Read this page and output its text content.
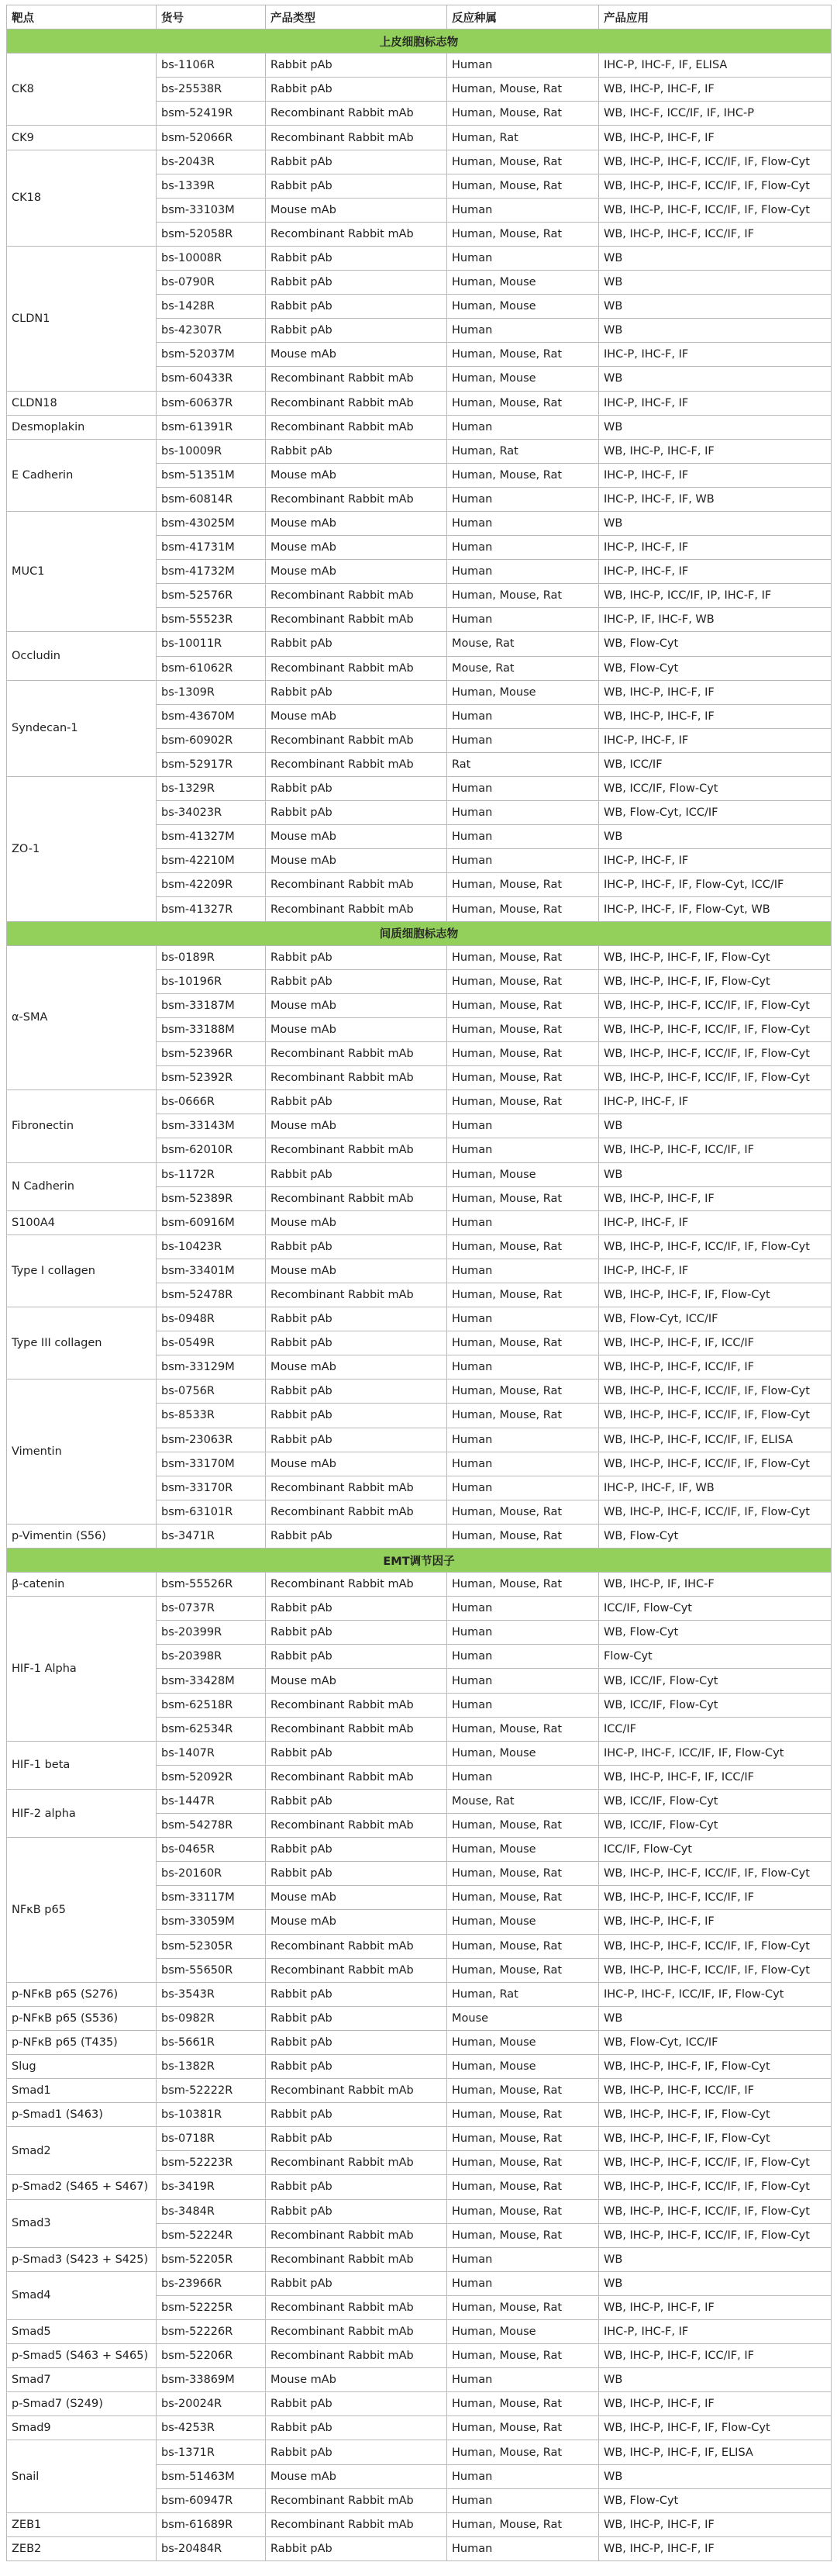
靶点	货号	产品类型	反应种属	产品应用
上皮细胞标志物				
CK8	bs-1106R	Rabbit pAb	Human	IHC-P, IHC-F, IF, ELISA
	bs-25538R	Rabbit pAb	Human, Mouse, Rat	WB, IHC-P, IHC-F, IF
	bsm-52419R	Recombinant Rabbit mAb	Human, Mouse, Rat	WB, IHC-F, ICC/IF, IF, IHC-P
CK9	bsm-52066R	Recombinant Rabbit mAb	Human, Rat	WB, IHC-P, IHC-F, IF
CK18	bs-2043R	Rabbit pAb	Human, Mouse, Rat	WB, IHC-P, IHC-F, ICC/IF, IF, Flow-Cyt
	bs-1339R	Rabbit pAb	Human, Mouse, Rat	WB, IHC-P, IHC-F, ICC/IF, IF, Flow-Cyt
	bsm-33103M	Mouse mAb	Human	WB, IHC-P, IHC-F, ICC/IF, IF, Flow-Cyt
	bsm-52058R	Recombinant Rabbit mAb	Human, Mouse, Rat	WB, IHC-P, IHC-F, ICC/IF, IF
CLDN1	bs-10008R	Rabbit pAb	Human	WB
	bs-0790R	Rabbit pAb	Human, Mouse	WB
	bs-1428R	Rabbit pAb	Human, Mouse	WB
	bs-42307R	Rabbit pAb	Human	WB
	bsm-52037M	Mouse mAb	Human, Mouse, Rat	IHC-P, IHC-F, IF
	bsm-60433R	Recombinant Rabbit mAb	Human, Mouse	WB
CLDN18	bsm-60637R	Recombinant Rabbit mAb	Human, Mouse, Rat	IHC-P, IHC-F, IF
Desmoplakin	bsm-61391R	Recombinant Rabbit mAb	Human	WB
E Cadherin	bs-10009R	Rabbit pAb	Human, Rat	WB, IHC-P, IHC-F, IF
	bsm-51351M	Mouse mAb	Human, Mouse, Rat	IHC-P, IHC-F, IF
	bsm-60814R	Recombinant Rabbit mAb	Human	IHC-P, IHC-F, IF, WB
MUC1	bsm-43025M	Mouse mAb	Human	WB
	bsm-41731M	Mouse mAb	Human	IHC-P, IHC-F, IF
	bsm-41732M	Mouse mAb	Human	IHC-P, IHC-F, IF
	bsm-52576R	Recombinant Rabbit mAb	Human, Mouse, Rat	WB, IHC-P, ICC/IF, IP, IHC-F, IF
	bsm-55523R	Recombinant Rabbit mAb	Human	IHC-P, IF, IHC-F, WB
Occludin	bs-10011R	Rabbit pAb	Mouse, Rat	WB, Flow-Cyt
	bsm-61062R	Recombinant Rabbit mAb	Mouse, Rat	WB, Flow-Cyt
Syndecan-1	bs-1309R	Rabbit pAb	Human, Mouse	WB, IHC-P, IHC-F, IF
	bsm-43670M	Mouse mAb	Human	WB, IHC-P, IHC-F, IF
	bsm-60902R	Recombinant Rabbit mAb	Human	IHC-P, IHC-F, IF
	bsm-52917R	Recombinant Rabbit mAb	Rat	WB, ICC/IF
ZO-1	bs-1329R	Rabbit pAb	Human	WB, ICC/IF, Flow-Cyt
	bs-34023R	Rabbit pAb	Human	WB, Flow-Cyt, ICC/IF
	bsm-41327M	Mouse mAb	Human	WB
	bsm-42210M	Mouse mAb	Human	IHC-P, IHC-F, IF
	bsm-42209R	Recombinant Rabbit mAb	Human, Mouse, Rat	IHC-P, IHC-F, IF, Flow-Cyt, ICC/IF
	bsm-41327R	Recombinant Rabbit mAb	Human, Mouse, Rat	IHC-P, IHC-F, IF, Flow-Cyt, WB
间质细胞标志物				
α-SMA	bs-0189R	Rabbit pAb	Human, Mouse, Rat	WB, IHC-P, IHC-F, IF, Flow-Cyt
	bs-10196R	Rabbit pAb	Human, Mouse, Rat	WB, IHC-P, IHC-F, IF, Flow-Cyt
	bsm-33187M	Mouse mAb	Human, Mouse, Rat	WB, IHC-P, IHC-F, ICC/IF, IF, Flow-Cyt
	bsm-33188M	Mouse mAb	Human, Mouse, Rat	WB, IHC-P, IHC-F, ICC/IF, IF, Flow-Cyt
	bsm-52396R	Recombinant Rabbit mAb	Human, Mouse, Rat	WB, IHC-P, IHC-F, ICC/IF, IF, Flow-Cyt
	bsm-52392R	Recombinant Rabbit mAb	Human, Mouse, Rat	WB, IHC-P, IHC-F, ICC/IF, IF, Flow-Cyt
Fibronectin	bs-0666R	Rabbit pAb	Human, Mouse, Rat	IHC-P, IHC-F, IF
	bsm-33143M	Mouse mAb	Human	WB
	bsm-62010R	Recombinant Rabbit mAb	Human	WB, IHC-P, IHC-F, ICC/IF, IF
N Cadherin	bs-1172R	Rabbit pAb	Human, Mouse	WB
	bsm-52389R	Recombinant Rabbit mAb	Human, Mouse, Rat	WB, IHC-P, IHC-F, IF
S100A4	bsm-60916M	Mouse mAb	Human	IHC-P, IHC-F, IF
Type I collagen	bs-10423R	Rabbit pAb	Human, Mouse, Rat	WB, IHC-P, IHC-F, ICC/IF, IF, Flow-Cyt
	bsm-33401M	Mouse mAb	Human	IHC-P, IHC-F, IF
	bsm-52478R	Recombinant Rabbit mAb	Human, Mouse, Rat	WB, IHC-P, IHC-F, IF, Flow-Cyt
Type III collagen	bs-0948R	Rabbit pAb	Human	WB, Flow-Cyt, ICC/IF
	bs-0549R	Rabbit pAb	Human, Mouse, Rat	WB, IHC-P, IHC-F, IF, ICC/IF
	bsm-33129M	Mouse mAb	Human	WB, IHC-P, IHC-F, ICC/IF, IF
Vimentin	bs-0756R	Rabbit pAb	Human, Mouse, Rat	WB, IHC-P, IHC-F, ICC/IF, IF, Flow-Cyt
	bs-8533R	Rabbit pAb	Human, Mouse, Rat	WB, IHC-P, IHC-F, ICC/IF, IF, Flow-Cyt
	bsm-23063R	Rabbit pAb	Human	WB, IHC-P, IHC-F, ICC/IF, IF, ELISA
	bsm-33170M	Mouse mAb	Human	WB, IHC-P, IHC-F, ICC/IF, IF, Flow-Cyt
	bsm-33170R	Recombinant Rabbit mAb	Human	IHC-P, IHC-F, IF, WB
	bsm-63101R	Recombinant Rabbit mAb	Human, Mouse, Rat	WB, IHC-P, IHC-F, ICC/IF, IF, Flow-Cyt
p-Vimentin (S56)	bs-3471R	Rabbit pAb	Human, Mouse, Rat	WB, Flow-Cyt
EMT调节因子				
β-catenin	bsm-55526R	Recombinant Rabbit mAb	Human, Mouse, Rat	WB, IHC-P, IF, IHC-F
HIF-1 Alpha	bs-0737R	Rabbit pAb	Human	ICC/IF, Flow-Cyt
	bs-20399R	Rabbit pAb	Human	WB, Flow-Cyt
	bs-20398R	Rabbit pAb	Human	Flow-Cyt
	bsm-33428M	Mouse mAb	Human	WB, ICC/IF, Flow-Cyt
	bsm-62518R	Recombinant Rabbit mAb	Human	WB, ICC/IF, Flow-Cyt
	bsm-62534R	Recombinant Rabbit mAb	Human, Mouse, Rat	ICC/IF
HIF-1 beta	bs-1407R	Rabbit pAb	Human, Mouse	IHC-P, IHC-F, ICC/IF, IF, Flow-Cyt
	bsm-52092R	Recombinant Rabbit mAb	Human	WB, IHC-P, IHC-F, IF, ICC/IF
HIF-2 alpha	bs-1447R	Rabbit pAb	Mouse, Rat	WB, ICC/IF, Flow-Cyt
	bsm-54278R	Recombinant Rabbit mAb	Human, Mouse, Rat	WB, ICC/IF, Flow-Cyt
NFκB p65	bs-0465R	Rabbit pAb	Human, Mouse	ICC/IF, Flow-Cyt
	bs-20160R	Rabbit pAb	Human, Mouse, Rat	WB, IHC-P, IHC-F, ICC/IF, IF, Flow-Cyt
	bsm-33117M	Mouse mAb	Human, Mouse, Rat	WB, IHC-P, IHC-F, ICC/IF, IF
	bsm-33059M	Mouse mAb	Human, Mouse	WB, IHC-P, IHC-F, IF
	bsm-52305R	Recombinant Rabbit mAb	Human, Mouse, Rat	WB, IHC-P, IHC-F, ICC/IF, IF, Flow-Cyt
	bsm-55650R	Recombinant Rabbit mAb	Human, Mouse, Rat	WB, IHC-P, IHC-F, ICC/IF, IF, Flow-Cyt
p-NFκB p65 (S276)	bs-3543R	Rabbit pAb	Human, Rat	IHC-P, IHC-F, ICC/IF, IF, Flow-Cyt
p-NFκB p65 (S536)	bs-0982R	Rabbit pAb	Mouse	WB
p-NFκB p65 (T435)	bs-5661R	Rabbit pAb	Human, Mouse	WB, Flow-Cyt, ICC/IF
Slug	bs-1382R	Rabbit pAb	Human, Mouse	WB, IHC-P, IHC-F, IF, Flow-Cyt
Smad1	bsm-52222R	Recombinant Rabbit mAb	Human, Mouse, Rat	WB, IHC-P, IHC-F, ICC/IF, IF
p-Smad1 (S463)	bs-10381R	Rabbit pAb	Human, Mouse, Rat	WB, IHC-P, IHC-F, IF, Flow-Cyt
Smad2	bs-0718R	Rabbit pAb	Human, Mouse, Rat	WB, IHC-P, IHC-F, IF, Flow-Cyt
	bsm-52223R	Recombinant Rabbit mAb	Human, Mouse, Rat	WB, IHC-P, IHC-F, ICC/IF, IF, Flow-Cyt
p-Smad2 (S465 + S467)	bs-3419R	Rabbit pAb	Human, Mouse, Rat	WB, IHC-P, IHC-F, ICC/IF, IF, Flow-Cyt
Smad3	bs-3484R	Rabbit pAb	Human, Mouse, Rat	WB, IHC-P, IHC-F, ICC/IF, IF, Flow-Cyt
	bsm-52224R	Recombinant Rabbit mAb	Human, Mouse, Rat	WB, IHC-P, IHC-F, ICC/IF, IF, Flow-Cyt
p-Smad3 (S423 + S425)	bsm-52205R	Recombinant Rabbit mAb	Human	WB
Smad4	bs-23966R	Rabbit pAb	Human	WB
	bsm-52225R	Recombinant Rabbit mAb	Human, Mouse, Rat	WB, IHC-P, IHC-F, IF
Smad5	bsm-52226R	Recombinant Rabbit mAb	Human, Mouse	IHC-P, IHC-F, IF
p-Smad5 (S463 + S465)	bsm-52206R	Recombinant Rabbit mAb	Human, Mouse, Rat	WB, IHC-P, IHC-F, ICC/IF, IF
Smad7	bsm-33869M	Mouse mAb	Human	WB
p-Smad7 (S249)	bs-20024R	Rabbit pAb	Human, Mouse, Rat	WB, IHC-P, IHC-F, IF
Smad9	bs-4253R	Rabbit pAb	Human, Mouse, Rat	WB, IHC-P, IHC-F, IF, Flow-Cyt
Snail	bs-1371R	Rabbit pAb	Human, Mouse, Rat	WB, IHC-P, IHC-F, IF, ELISA
	bsm-51463M	Mouse mAb	Human	WB
	bsm-60947R	Recombinant Rabbit mAb	Human	WB, Flow-Cyt
ZEB1	bsm-61689R	Recombinant Rabbit mAb	Human, Mouse, Rat	WB, IHC-P, IHC-F, IF
ZEB2	bs-20484R	Rabbit pAb	Human	WB, IHC-P, IHC-F, IF
